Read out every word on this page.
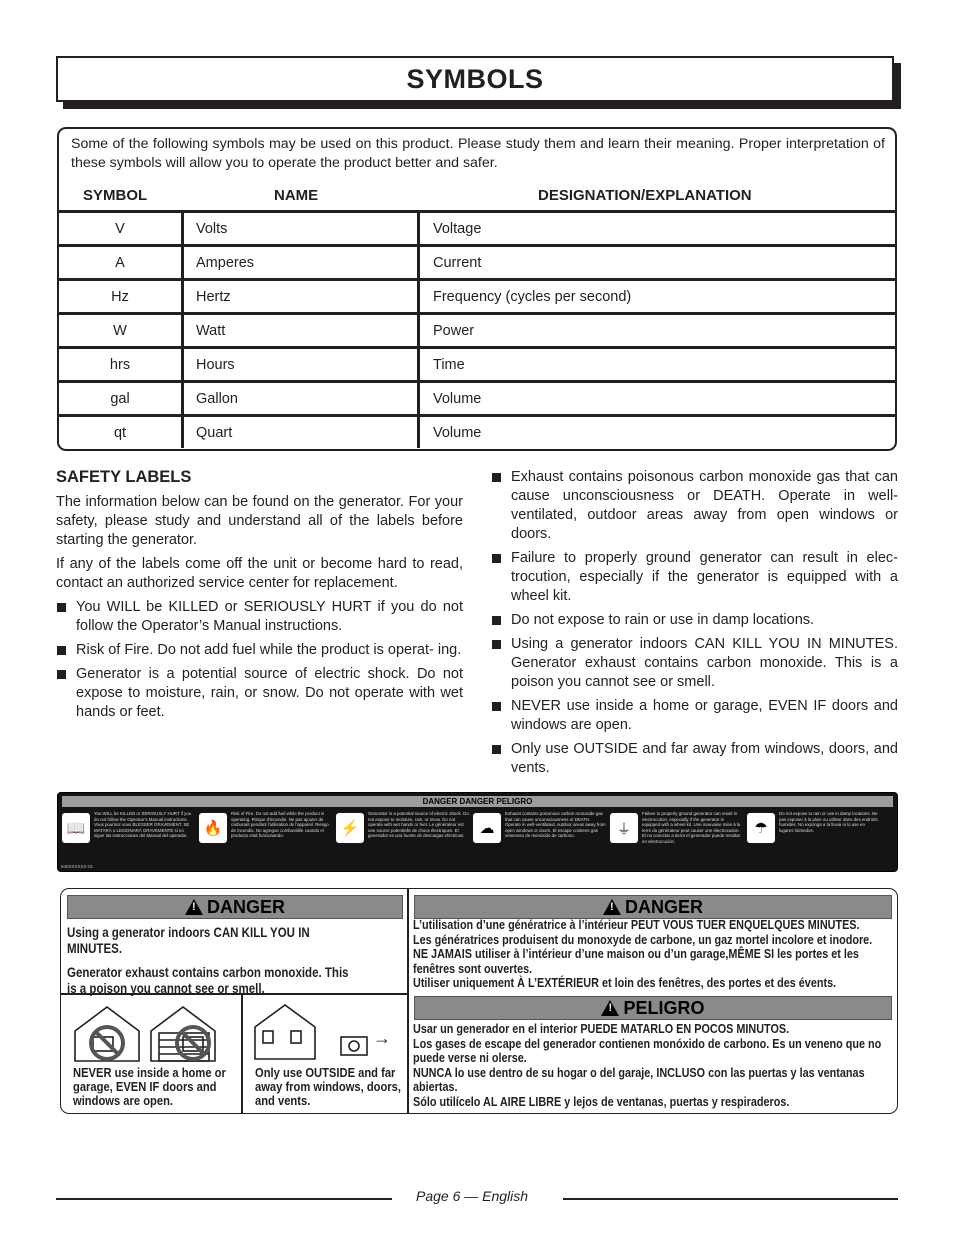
SYMBOLS
Some of the following symbols may be used on this product. Please study them and learn their meaning. Proper interpretation of these symbols will allow you to operate the product better and safer.
SYMBOL	NAME	DESIGNATION/EXPLANATION
V	Volts	Voltage
A	Amperes	Current
Hz	Hertz	Frequency (cycles per second)
W	Watt	Power
hrs	Hours	Time
gal	Gallon	Volume
qt	Quart	Volume
SAFETY LABELS

The information below can be found on the generator. For your safety, please study and understand all of the labels before starting the generator.

If any of the labels come off the unit or become hard to read, contact an authorized service center for replacement.

You WILL be KILLED or SERIOUSLY HURT if you do not follow the Operator’s Manual instructions.
Risk of Fire. Do not add fuel while the product is operat- ing.
Generator is a potential source of electric shock. Do not expose to moisture, rain, or snow. Do not operate with wet hands or feet.
Exhaust contains poisonous carbon monoxide gas that can cause unconsciousness or DEATH. Operate in well-ventilated, outdoor areas away from open windows or doors.
Failure to properly ground generator can result in elec- trocution, especially if the generator is equipped with a wheel kit.
Do not expose to rain or use in damp locations.
Using a generator indoors CAN KILL YOU IN MINUTES. Generator exhaust contains carbon monoxide. This is a poison you cannot see or smell.
NEVER use inside a home or garage, EVEN IF doors and windows are open.
Only use OUTSIDE and far away from windows, doors, and vents.
DANGER DANGER PELIGRO
📖
You WILL be KILLED or SERIOUSLY HURT if you do not follow the Operator's Manual instructions. Vous pourriez vous BLESSER GRAVEMENT. SE MATARÁ o LESIONARÁ GRAVEMENTE si no sigue las instrucciones del Manual del operador.	🔥
Risk of Fire. Do not add fuel while the product is operating. Risque d'incendie. Ne pas ajouter de carburant pendant l'utilisation de l'appareil. Riesgo de incendio. No agregue combustible cuando el producto está funcionando.	⚡
Generator is a potential source of electric shock. Do not expose to moisture, rain, or snow. Do not operate with wet hands or feet. Le générateur est une source potentielle de chocs électriques. El generador es una fuente de descargas eléctricas.	☁
Exhaust contains poisonous carbon monoxide gas that can cause unconsciousness or DEATH. Operate in well-ventilated, outdoor areas away from open windows or doors. El escape contiene gas venenoso de monóxido de carbono.	⏚
Failure to properly ground generator can result in electrocution, especially if the generator is equipped with a wheel kit. Une mauvaise mise à la terre du générateur peut causer une électrocution. El no conectar a tierra el generador puede resultar en electrocución.
☂
Do not expose to rain or use in damp locations. Ne pas exposer à la pluie ou utiliser dans des endroits humides. No exponga a la lluvia ni lo use en lugares húmedos.
940XXXXXX-01
!
DANGER
Using a generator indoors CAN KILL YOU IN MINUTES.
Generator exhaust contains carbon monoxide. This is a poison you cannot see or smell.
!
DANGER
L’utilisation d’une génératrice à l’intérieur PEUT VOUS TUER ENQUELQUES MINUTES.
Les génératrices produisent du monoxyde de carbone, un gaz mortel incolore et inodore.
NE JAMAIS utiliser à l’intérieur d’une maison ou d’un garage,MÊME SI les portes et les fenêtres sont ouvertes.
Utiliser uniquement À L’EXTÉRIEUR et loin des fenêtres, des portes et des évents.
!
PELIGRO
Usar un generador en el interior PUEDE MATARLO EN POCOS MINUTOS.
Los gases de escape del generador contienen monóxido de carbono. Es un veneno que no puede verse ni olerse.
NUNCA lo use dentro de su hogar o del garaje, INCLUSO con las puertas y las ventanas abiertas.
Sólo utilícelo AL AIRE LIBRE y lejos de ventanas, puertas y respiraderos.
NEVER use inside a home or garage, EVEN IF doors and windows are open.
→
Only use OUTSIDE and far away from windows, doors, and vents.
Page 6 — English
